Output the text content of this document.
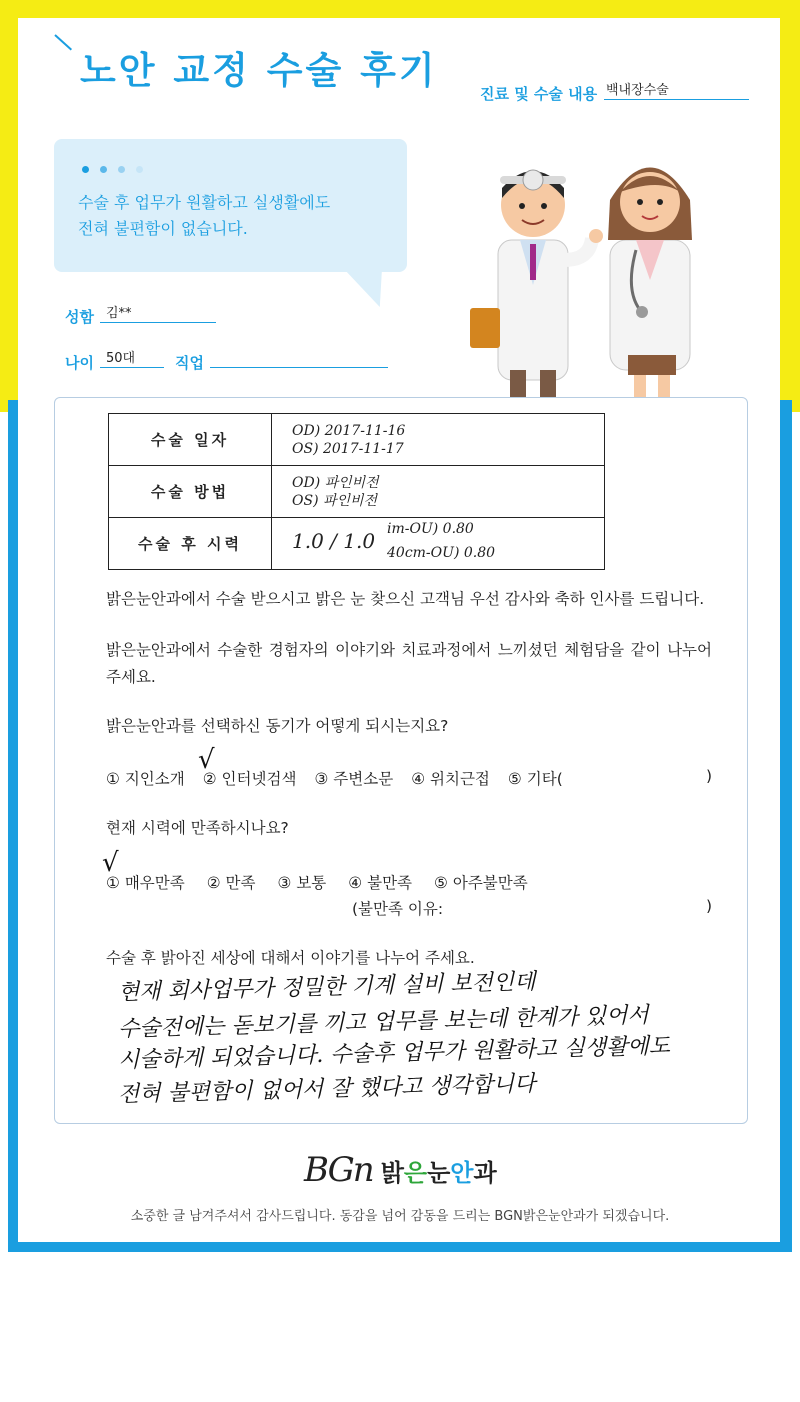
노안 교정 수술 후기
진료 및 수술 내용 백내장수술
수술 후 업무가 원활하고 실생활에도
전혀 불편함이 없습니다.
성함 김**
나이 50대	직업
수술 일자	OD) 2017-11-16
OS) 2017-11-17

수술 방법	OD) 파인비전
OS) 파인비전

수술 후 시력	1.0 / 1.0 im-OU) 0.80
40cm-OU) 0.80
밝은눈안과에서 수술 받으시고 밝은 눈 찾으신 고객님 우선 감사와 축하 인사를 드립니다.
밝은눈안과에서 수술한 경험자의 이야기와 치료과정에서 느끼셨던 체험담을 같이 나누어주세요.
밝은눈안과를 선택하신 동기가 어떻게 되시는지요?
① 지인소개 ② 인터넷검색 ③ 주변소문 ④ 위치근접 ⑤ 기타(	)
√
현재 시력에 만족하시나요?
① 매우만족 ② 만족 ③ 보통 ④ 불만족 ⑤ 아주불만족
√
(불만족 이유:	)
수술 후 밝아진 세상에 대해서 이야기를 나누어 주세요.
현재 회사업무가 정밀한 기계 설비 보전인데
수술전에는 돋보기를 끼고 업무를 보는데 한계가 있어서
시술하게 되었습니다. 수술후 업무가 원활하고 실생활에도
전혀 불편함이 없어서 잘 했다고 생각합니다
BGn 밝은눈안과
소중한 글 남겨주셔서 감사드립니다. 동감을 넘어 감동을 드리는 BGN밝은눈안과가 되겠습니다.
